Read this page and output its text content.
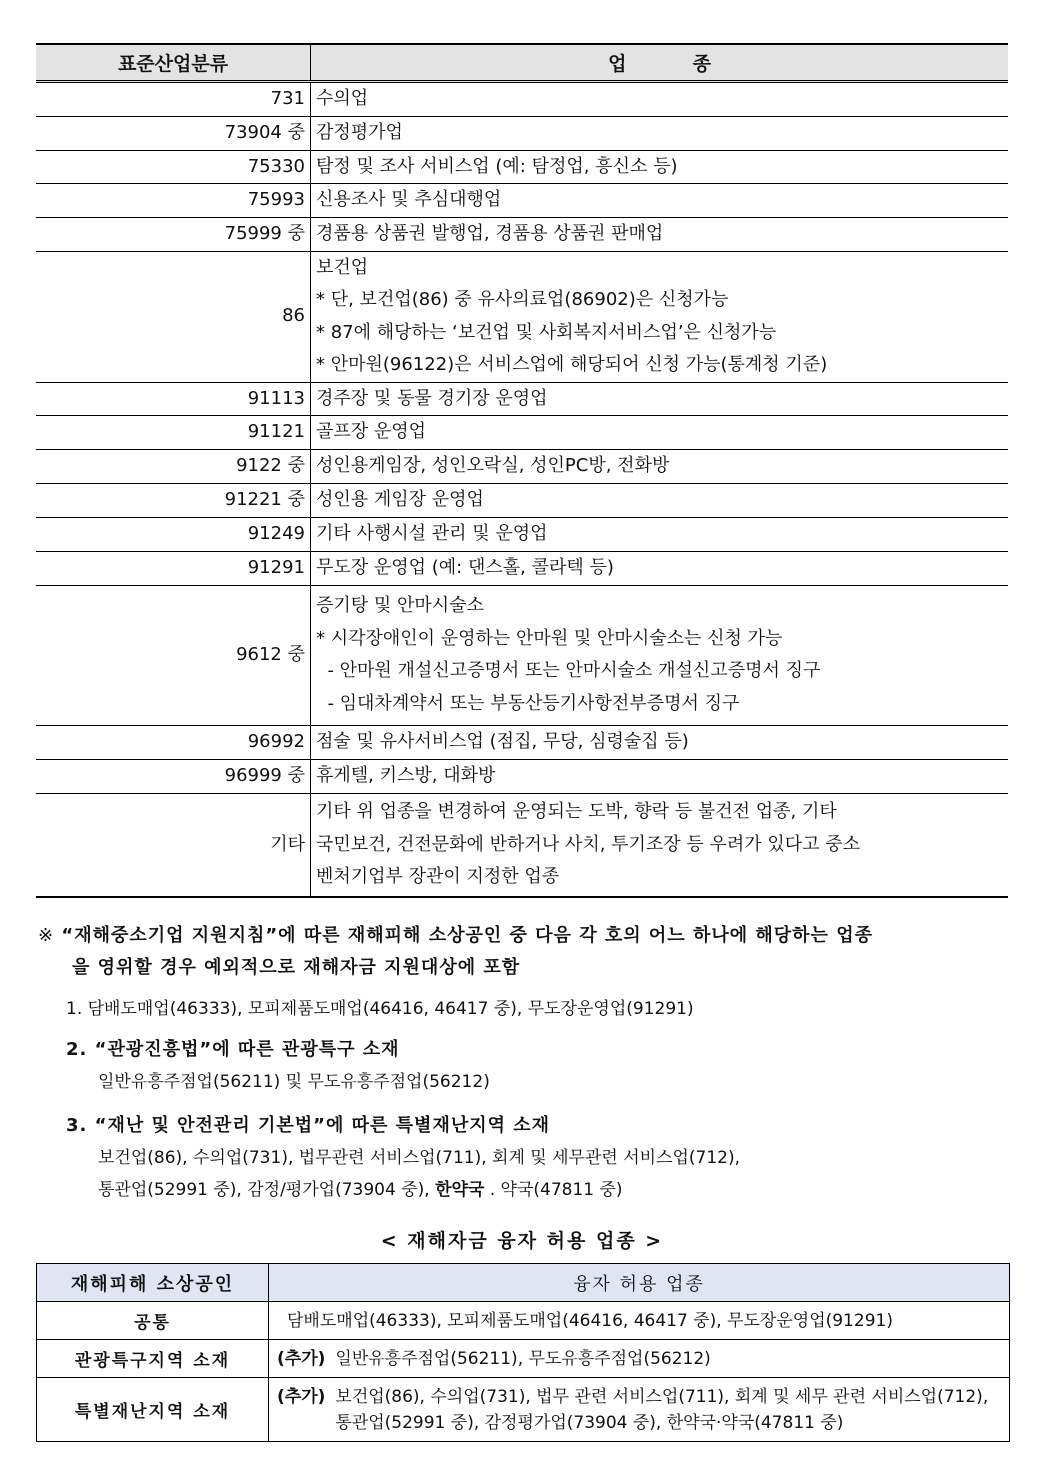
표준산업분류	업          종
731	수의업

73904 중	감정평가업

75330	탐정 및 조사 서비스업 (예: 탐정업, 흥신소 등)

75993	신용조사 및 추심대행업

75999 중	경품용 상품권 발행업, 경품용 상품권 판매업

86	보건업
* 단, 보건업(86) 중 유사의료업(86902)은 신청가능
* 87에 해당하는 ‘보건업 및 사회복지서비스업’은 신청가능
* 안마원(96122)은 서비스업에 해당되어 신청 가능(통계청 기준)

91113	경주장 및 동물 경기장 운영업

91121	골프장 운영업

9122 중	성인용게임장, 성인오락실, 성인PC방, 전화방

91221 중	성인용 게임장 운영업

91249	기타 사행시설 관리 및 운영업

91291	무도장 운영업 (예: 댄스홀, 콜라텍 등)

9612 중	증기탕 및 안마시술소
* 시각장애인이 운영하는 안마원 및 안마시술소는 신청 가능
- 안마원 개설신고증명서 또는 안마시술소 개설신고증명서 징구
- 임대차계약서 또는 부동산등기사항전부증명서 징구

96992	점술 및 유사서비스업 (점집, 무당, 심령술집 등)

96999 중	휴게텔, 키스방, 대화방

기타	기타 위 업종을 변경하여 운영되는 도박, 향락 등 불건전 업종, 기타
국민보건, 건전문화에 반하거나 사치, 투기조장 등 우려가 있다고 중소
벤처기업부 장관이 지정한 업종
※ “재해중소기업 지원지침”에 따른 재해피해 소상공인 중 다음 각 호의 어느 하나에 해당하는 업종
을 영위할 경우 예외적으로 재해자금 지원대상에 포함
1. 담배도매업(46333), 모피제품도매업(46416, 46417 중), 무도장운영업(91291)
2. “관광진흥법”에 따른 관광특구 소재
일반유흥주점업(56211) 및 무도유흥주점업(56212)
3. “재난 및 안전관리 기본법”에 따른 특별재난지역 소재
보건업(86), 수의업(731), 법무관련 서비스업(711), 회계 및 세무관련 서비스업(712),
통관업(52991 중), 감정/평가업(73904 중), 한약국 . 약국(47811 중)
< 재해자금 융자 허용 업종 >
재해피해 소상공인	융자 허용 업종
공통	담배도매업(46333), 모피제품도매업(46416, 46417 중), 무도장운영업(91291)

관광특구지역 소재	(추가) 일반유흥주점업(56211), 무도유흥주점업(56212)

특별재난지역 소재	(추가) 보건업(86), 수의업(731), 법무 관련 서비스업(711), 회계 및 세무 관련 서비스업(712), 통관업(52991 중), 감정평가업(73904 중), 한약국·약국(47811 중)
